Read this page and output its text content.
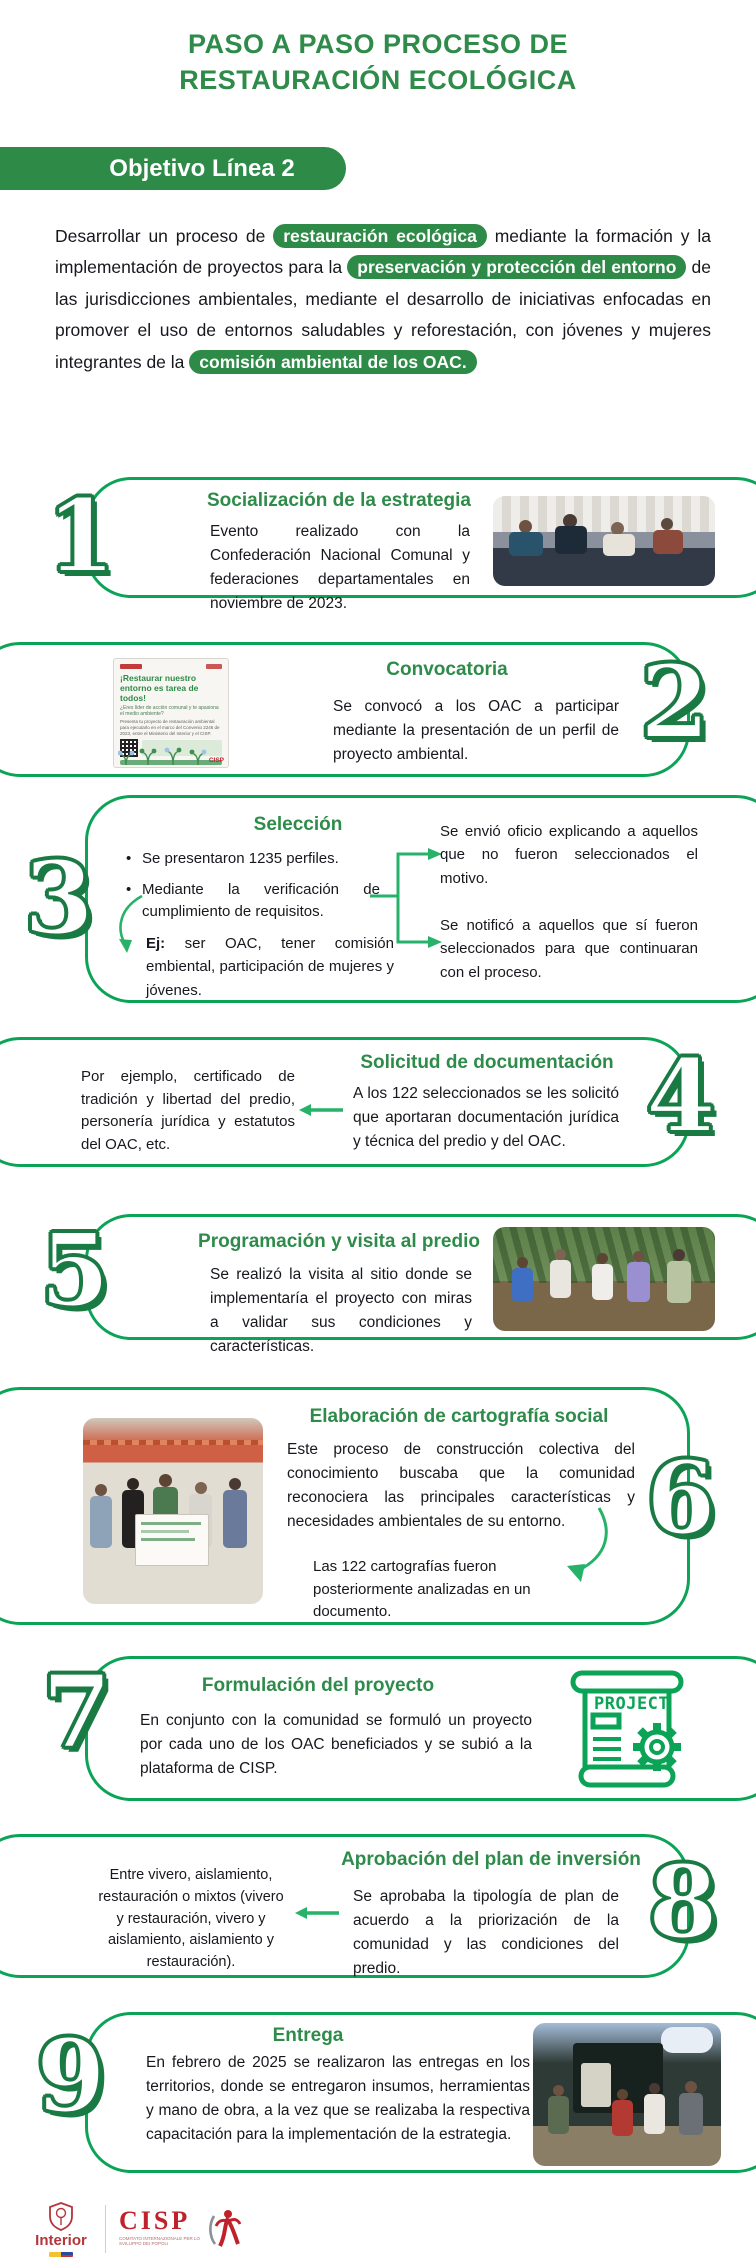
PASO A PASO PROCESO DE
RESTAURACIÓN ECOLÓGICA
Objetivo Línea 2

Desarrollar un proceso de restauración ecológica mediante la formación y la implementación de proyectos para la preservación y protección del entorno de las jurisdicciones ambientales, mediante el desarrollo de iniciativas enfocadas en promover el uso de entornos saludables y reforestación, con jóvenes y mujeres integrantes de la comisión ambiental de los OAC.

Socialización de la estrategia
Evento realizado con la Confederación Nacional Comunal y federaciones departamentales en noviembre de 2023.
1
Convocatoria
Se convocó a los OAC a participar mediante la presentación de un perfil de proyecto ambiental.
¡Restaurar nuestro entorno es tarea de todos!
¿Eres líder de acción comunal y te apasiona el medio ambiente?
Presenta tu proyecto de restauración ambiental para ejecutarlo en el marco del Convenio 2246 de 2023, entre el Ministerio del Interior y el CISP.
CISP	2
Selección
• Se presentaron 1235 perfiles.
• Mediante la verificación de cumplimiento de requisitos.
Ej: ser OAC, tener comisión embiental, participación de mujeres y jóvenes.
Se envió oficio explicando a aquellos que no fueron seleccionados el motivo.
Se notificó a aquellos que sí fueron seleccionados para que continuaran con el proceso.
3
Solicitud de documentación
Por ejemplo, certificado de tradición y libertad del predio, personería jurídica y estatutos del OAC, etc.
A los 122 seleccionados se les solicitó que aportaran documentación jurídica y técnica del predio y del OAC. 4
Programación y visita al predio
Se realizó la visita al sitio donde se implementaría el proyecto con miras a validar sus condiciones y características.
5
Elaboración de cartografía social
Este proceso de construcción colectiva del conocimiento buscaba que la comunidad reconociera las principales características y necesidades ambientales de su entorno.
Las 122 cartografías fueron posteriormente analizadas en un documento.
6
Formulación del proyecto
En conjunto con la comunidad se formuló un proyecto por cada uno de los OAC beneficiados y se subió a la plataforma de CISP.
PROJECT
7
Aprobación del plan de inversión
Entre vivero, aislamiento, restauración o mixtos (vivero y restauración, vivero y aislamiento, aislamiento y restauración).
Se aprobaba la tipología de plan de acuerdo a la priorización de la comunidad y las condiciones del predio.
8
Entrega
En febrero de 2025 se realizaron las entregas en los territorios, donde se entregaron insumos, herramientas y mano de obra, a la vez que se realizaba la respectiva capacitación para la implementación de la estrategia.
9
Interior
CISP
COMITATO INTERNAZIONALE PER LO SVILUPPO DEI POPOLI
